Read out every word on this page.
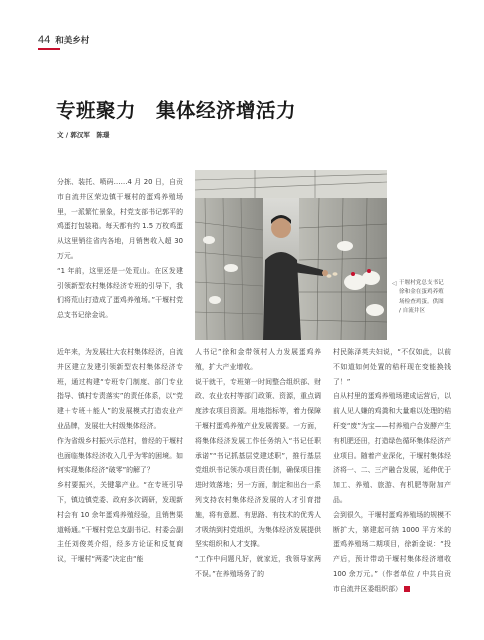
44 和美乡村
专班聚力　集体经济增活力
文 / 郭汉军　陈璟

分拣、装托、喷码……4 月 20 日，自贡市自流井区荣边镇干堰村的蛋鸡养殖场里，一派繁忙景象，村党支部书记郭平的鸡蛋打包装箱。每天都有约 1.5 万枚鸡蛋从这里销往省内各地，月销售收入超 30 万元。

“1 年前，这里还是一处荒山。在区发建引领新型农村集体经济专班的引导下，我们将荒山打造成了蛋鸡养殖场。”干堰村党总支书记徐金说。

◁ 干堰村党总支书记徐和金在蛋鸡养殖场检查鸡蛋。供图 / 自流井区

近年来，为发展壮大农村集体经济，自流井区建立发建引领新型农村集体经济专班，通过构建“专班专门制度、部门专业指导、镇村专责落实”的责任体系，以“党建＋专班＋能人”的发展模式打造农业产业品牌，发展壮大村级集体经济。

作为省级乡村振兴示范村，曾经的干堰村也面临集体经济收入几乎为零的困境。如何实现集体经济“破零”的解了？

乡村要振兴，关键靠产业。“在专班引导下，镇边镇党委、政府多次调研，发现新村会有 10 余年蛋鸡养殖经验，且销售渠道畅通。”干堰村党总支副书记、村委会副主任刘俊英介绍，经多方论证和反复商议，干堰村“两委”决定由“能

人书记”徐和金带领村人力发展蛋鸡养殖，扩大产业增收。

说干就干，专班第一时间整合组织部、财政、农业农村等部门政策、资源，重点调度涉农项目资源。用地指标等，着力保障干堰村蛋鸡养殖产业发展需要。一方面，将集体经济发展工作任务纳入“书记任职承诺”“书记抓基层党建述职”，推行基层党组织书记领办项目责任制，确保项目推进时效落地；另一方面，制定和出台一系列支持农村集体经济发展的人才引育措施，将有意愿、有思路、有技术的优秀人才吸纳到村党组织，为集体经济发展提供坚实组织和人才支撑。

“工作中问题凡好，就家近，我领导家两不误。”在养殖场务了的

村民陈泽英夫妇说，“不仅如此，以前不如道如何处置的秸秆现在变能换钱了！”

自从村里的蛋鸡养殖场建成运营后，以前人见人嫌的鸡粪和大量难以处理的秸秆变“废”为宝——村养殖户合发酵产生有机肥还田，打造绿色循环集体经济产业项目。随着产业深化，干堰村集体经济将一、二、三产融合发展，延伸优于加工、养殖、旅游、有机肥等附加产品。

会到很久，干堰村蛋鸡养殖场的规模不断扩大，第建起可纳 1000 平方米的蛋鸡养殖场二期项目，徐新金说：“投产后，预计带动干堰村集体经济增收 100 余万元。”（作者单位 / 中共自贡市自流井区委组织部）
